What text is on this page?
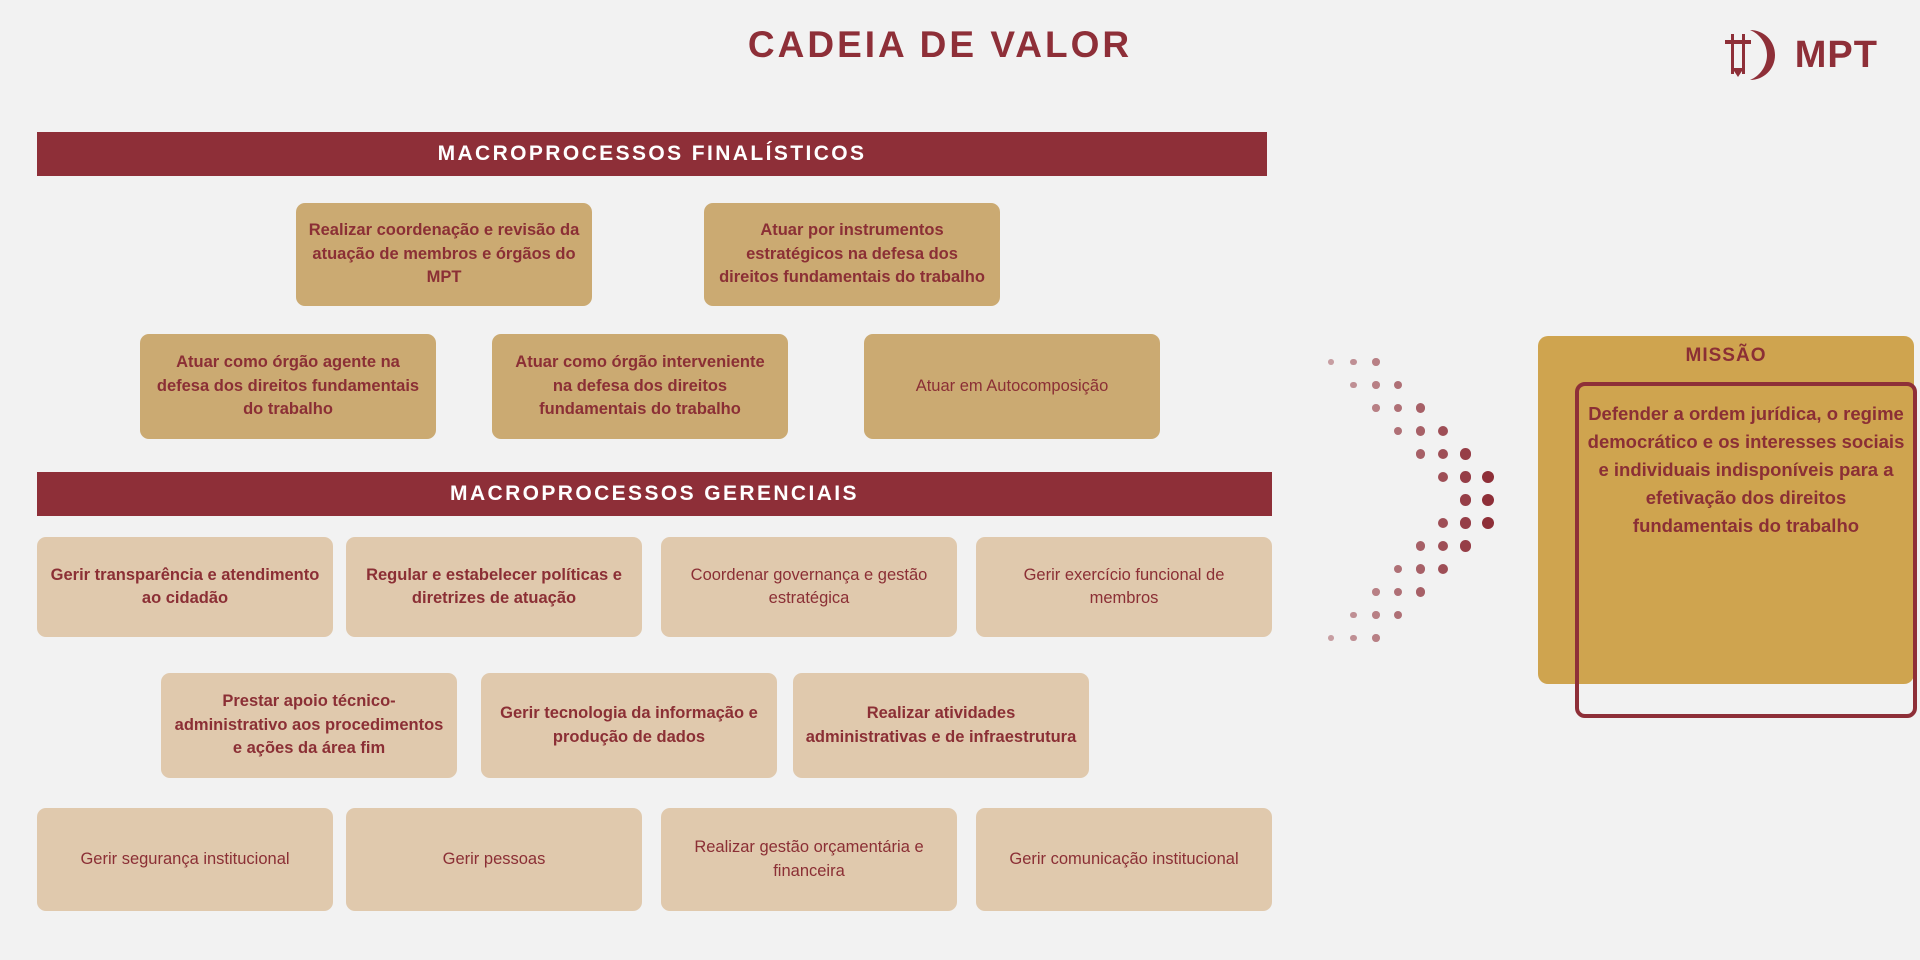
CADEIA DE VALOR	MPT
MACROPROCESSOS FINALÍSTICOS
Realizar coordenação e revisão da atuação de membros e órgãos do MPT
Atuar por instrumentos estratégicos na defesa dos direitos fundamentais do trabalho
Atuar como órgão agente na defesa dos direitos fundamentais do trabalho
Atuar como órgão interveniente na defesa dos direitos fundamentais do trabalho
Atuar em Autocomposição
MACROPROCESSOS GERENCIAIS
Gerir transparência e atendimento ao cidadão
Regular e estabelecer políticas e diretrizes de atuação
Coordenar governança e gestão estratégica
Gerir exercício funcional de membros
Prestar apoio técnico-administrativo aos procedimentos e ações da área fim
Gerir tecnologia da informação e produção de dados
Realizar atividades administrativas e de infraestrutura
Gerir segurança institucional	Gerir pessoas
Realizar gestão orçamentária e financeira
Gerir comunicação institucional
MISSÃO
Defender a ordem jurídica, o regime democrático e os interesses sociais e individuais indisponíveis para a efetivação dos direitos fundamentais do trabalho
